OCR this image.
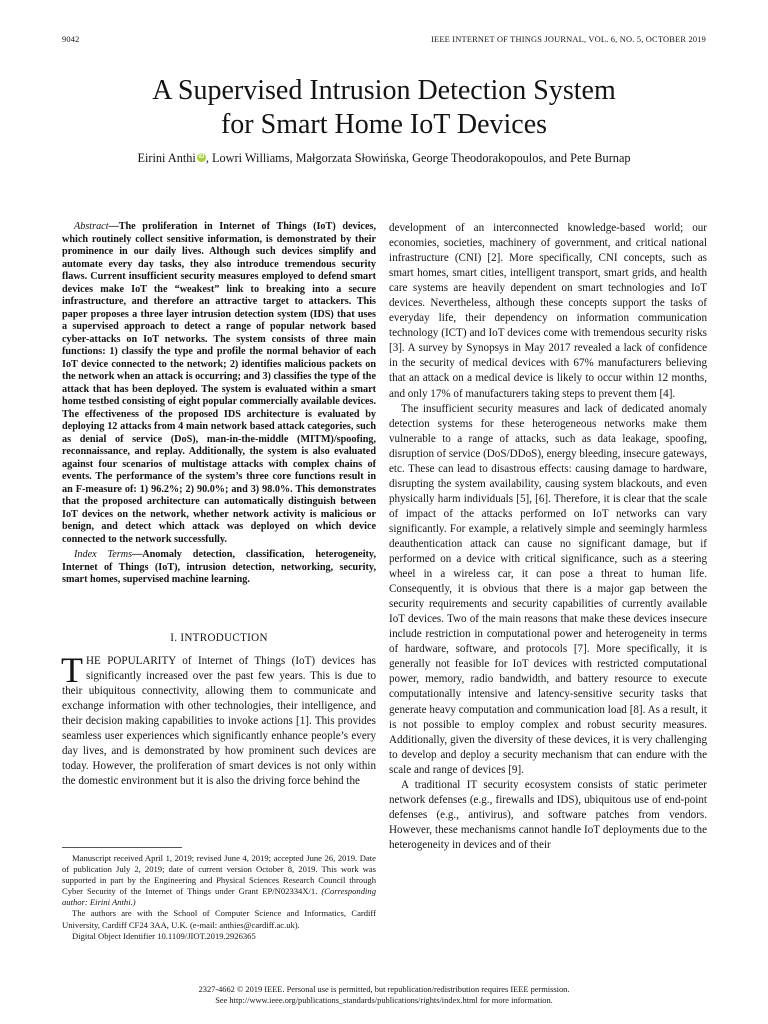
9042	IEEE INTERNET OF THINGS JOURNAL, VOL. 6, NO. 5, OCTOBER 2019
A Supervised Intrusion Detection System
for Smart Home IoT Devices
Eirini Anthi iD , Lowri Williams, Małgorzata Słowińska, George Theodorakopoulos, and Pete Burnap

Abstract—The proliferation in Internet of Things (IoT) devices, which routinely collect sensitive information, is demonstrated by their prominence in our daily lives. Although such devices simplify and automate every day tasks, they also introduce tremendous security flaws. Current insufficient security measures employed to defend smart devices make IoT the “weakest” link to breaking into a secure infrastructure, and therefore an attractive target to attackers. This paper proposes a three layer intrusion detection system (IDS) that uses a supervised approach to detect a range of popular network based cyber-attacks on IoT networks. The system consists of three main functions: 1) classify the type and profile the normal behavior of each IoT device connected to the network; 2) identifies malicious packets on the network when an attack is occurring; and 3) classifies the type of the attack that has been deployed. The system is evaluated within a smart home testbed consisting of eight popular commercially available devices. The effectiveness of the proposed IDS architecture is evaluated by deploying 12 attacks from 4 main network based attack categories, such as denial of service (DoS), man-in-the-middle (MITM)/spoofing, reconnaissance, and replay. Additionally, the system is also evaluated against four scenarios of multistage attacks with complex chains of events. The performance of the system’s three core functions result in an F-measure of: 1) 96.2%; 2) 90.0%; and 3) 98.0%. This demonstrates that the proposed architecture can automatically distinguish between IoT devices on the network, whether network activity is malicious or benign, and detect which attack was deployed on which device connected to the network successfully.

Index Terms—Anomaly detection, classification, heterogeneity, Internet of Things (IoT), intrusion detection, networking, security, smart homes, supervised machine learning.

I. INTRODUCTION

THE POPULARITY of Internet of Things (IoT) devices has significantly increased over the past few years. This is due to their ubiquitous connectivity, allowing them to communicate and exchange information with other technologies, their intelligence, and their decision making capabilities to invoke actions [1]. This provides seamless user experiences which significantly enhance people’s every day lives, and is demonstrated by how prominent such devices are today. However, the proliferation of smart devices is not only within the domestic environment but it is also the driving force behind the

Manuscript received April 1, 2019; revised June 4, 2019; accepted June 26, 2019. Date of publication July 2, 2019; date of current version October 8, 2019. This work was supported in part by the Engineering and Physical Sciences Research Council through Cyber Security of the Internet of Things under Grant EP/N02334X/1. (Corresponding author: Eirini Anthi.)

The authors are with the School of Computer Science and Informatics, Cardiff University, Cardiff CF24 3AA, U.K. (e-mail: anthies@cardiff.ac.uk).

Digital Object Identifier 10.1109/JIOT.2019.2926365

development of an interconnected knowledge-based world; our economies, societies, machinery of government, and critical national infrastructure (CNI) [2]. More specifically, CNI concepts, such as smart homes, smart cities, intelligent transport, smart grids, and health care systems are heavily dependent on smart technologies and IoT devices. Nevertheless, although these concepts support the tasks of everyday life, their dependency on information communication technology (ICT) and IoT devices come with tremendous security risks [3]. A survey by Synopsys in May 2017 revealed a lack of confidence in the security of medical devices with 67% manufacturers believing that an attack on a medical device is likely to occur within 12 months, and only 17% of manufacturers taking steps to prevent them [4].

The insufficient security measures and lack of dedicated anomaly detection systems for these heterogeneous networks make them vulnerable to a range of attacks, such as data leakage, spoofing, disruption of service (DoS/DDoS), energy bleeding, insecure gateways, etc. These can lead to disastrous effects: causing damage to hardware, disrupting the system availability, causing system blackouts, and even physically harm individuals [5], [6]. Therefore, it is clear that the scale of impact of the attacks performed on IoT networks can vary significantly. For example, a relatively simple and seemingly harmless deauthentication attack can cause no significant damage, but if performed on a device with critical significance, such as a steering wheel in a wireless car, it can pose a threat to human life. Consequently, it is obvious that there is a major gap between the security requirements and security capabilities of currently available IoT devices. Two of the main reasons that make these devices insecure include restriction in computational power and heterogeneity in terms of hardware, software, and protocols [7]. More specifically, it is generally not feasible for IoT devices with restricted computational power, memory, radio bandwidth, and battery resource to execute computationally intensive and latency-sensitive security tasks that generate heavy computation and communication load [8]. As a result, it is not possible to employ complex and robust security measures. Additionally, given the diversity of these devices, it is very challenging to develop and deploy a security mechanism that can endure with the scale and range of devices [9].

A traditional IT security ecosystem consists of static perimeter network defenses (e.g., firewalls and IDS), ubiquitous use of end-point defenses (e.g., antivirus), and software patches from vendors. However, these mechanisms cannot handle IoT deployments due to the heterogeneity in devices and of their

2327-4662 © 2019 IEEE. Personal use is permitted, but republication/redistribution requires IEEE permission.
See http://www.ieee.org/publications_standards/publications/rights/index.html for more information.
